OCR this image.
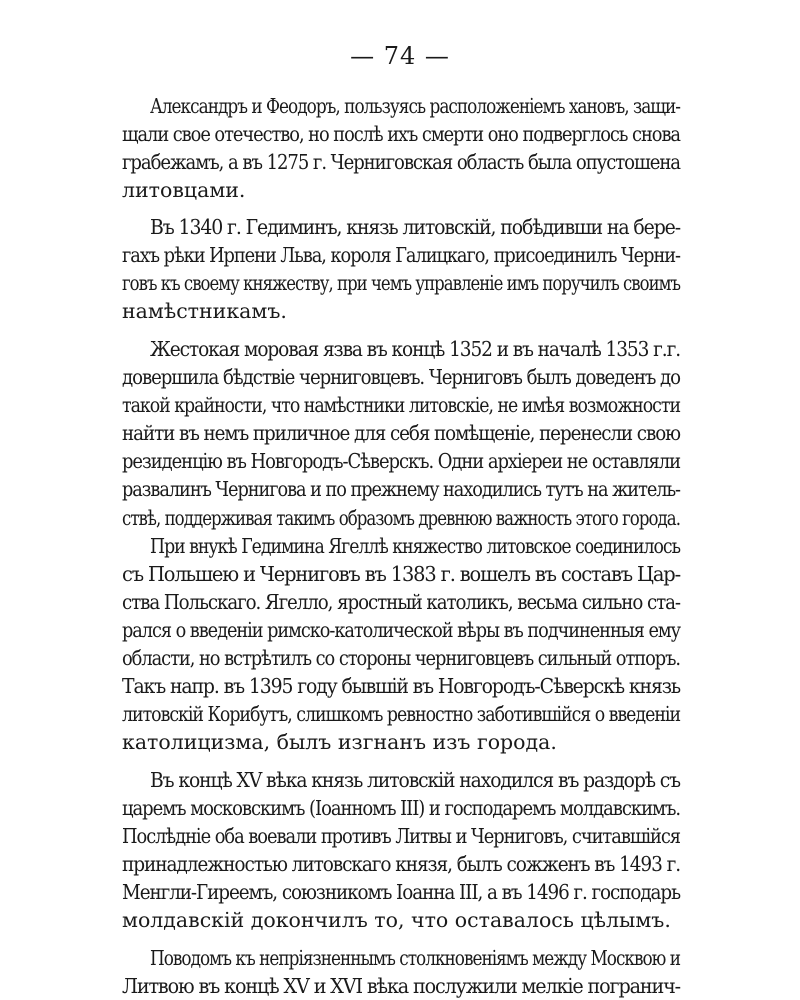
— 74 —
Александръ и Феодоръ, пользуясь расположеніемъ хановъ, защи-
щали свое отечество, но послѣ ихъ смерти оно подверглось снова
грабежамъ, а въ 1275 г. Черниговская область была опустошена
литовцами.
Въ 1340 г. Гедиминъ, князь литовскій, побѣдивши на бере-
гахъ рѣки Ирпени Льва, короля Галицкаго, присоединилъ Черни-
говъ къ своему княжеству, при чемъ управленіе имъ поручилъ своимъ
намѣстникамъ.
Жестокая моровая язва въ концѣ 1352 и въ началѣ 1353 г.г.
довершила бѣдствіе черниговцевъ. Черниговъ былъ доведенъ до
такой крайности, что намѣстники литовскіе, не имѣя возможности
найти въ немъ приличное для себя помѣщеніе, перенесли свою
резиденцію въ Новгородъ-Сѣверскъ. Одни архіереи не оставляли
развалинъ Чернигова и по прежнему находились тутъ на житель-
ствѣ, поддерживая такимъ образомъ древнюю важность этого города.
При внукѣ Гедимина Ягеллѣ княжество литовское соединилось
съ Польшею и Черниговъ въ 1383 г. вошелъ въ составъ Цар-
ства Польскаго. Ягелло, яростный католикъ, весьма сильно ста-
рался о введеніи римско-католической вѣры въ подчиненныя ему
области, но встрѣтилъ со стороны черниговцевъ сильный отпоръ.
Такъ напр. въ 1395 году бывшій въ Новгородъ-Сѣверскѣ князь
литовскій Корибутъ, слишкомъ ревностно заботившійся о введеніи
католицизма, былъ изгнанъ изъ города.
Въ концѣ XV вѣка князь литовскій находился въ раздорѣ съ
царемъ московскимъ (Іоанномъ III) и господаремъ молдавскимъ.
Послѣдніе оба воевали противъ Литвы и Черниговъ, считавшійся
принадлежностью литовскаго князя, былъ сожженъ въ 1493 г.
Менгли-Гиреемъ, союзникомъ Іоанна III, а въ 1496 г. господарь
молдавскій докончилъ то, что оставалось цѣлымъ.
Поводомъ къ непріязненнымъ столкновеніямъ между Москвою и
Литвою въ концѣ XV и XVI вѣка послужили мелкіе погранич-
